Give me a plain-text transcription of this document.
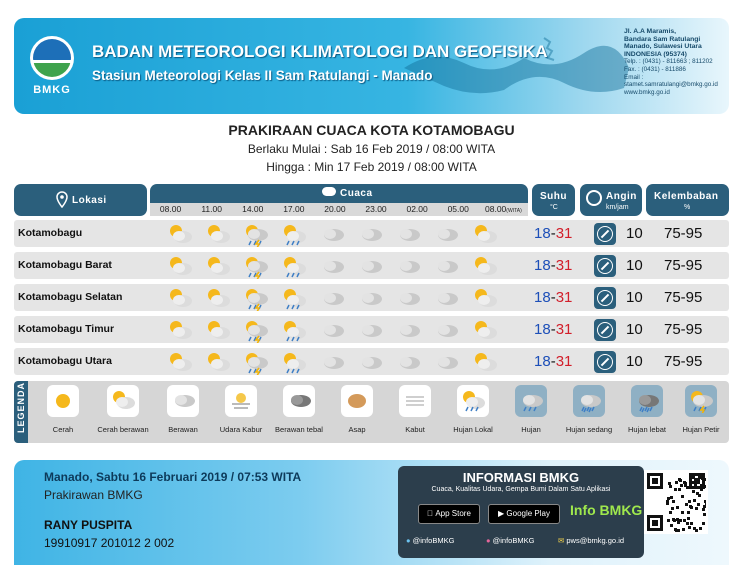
BMKG
BADAN METEOROLOGI KLIMATOLOGI DAN GEOFISIKA
Stasiun Meteorologi Kelas II Sam Ratulangi - Manado
Jl. A.A Maramis,
Bandara Sam Ratulangi
Manado, Sulawesi Utara
INDONESIA (95374)
Telp. : (0431) - 811663 ; 811202
Fax. : (0431) - 811886
Email :
stamet.samratulangi@bmkg.go.id
www.bmkg.go.id
PRAKIRAAN CUACA KOTA KOTAMOBAGU
Berlaku Mulai : Sab 16 Feb 2019 / 08:00 WITA
Hingga : Min 17 Feb 2019 / 08:00 WITA
Lokasi
Cuaca
08.00	11.00	14.00	17.00	20.00	23.00	02.00	05.00	08.00(WITA)
Suhu
°C
Angin
km/jam
Kelembaban
%
Kotamobagu	18-31	10 75-95
Kotamobagu Barat	18-31	10 75-95
Kotamobagu Selatan	18-31	10 75-95
Kotamobagu Timur	18-31	10 75-95
Kotamobagu Utara	18-31	10 75-95
LEGENDA	Cerah	Cerah berawan	Berawan	Udara Kabur	Berawan tebal	Asap	Kabut	Hujan Lokal	Hujan	Hujan sedang	Hujan lebat	Hujan Petir
Manado, Sabtu 16 Februari 2019 / 07:53 WITA
Prakirawan BMKG
RANY PUSPITA
19910917 201012 2 002
INFORMASI BMKG
Cuaca, Kualitas Udara, Gempa Bumi Dalam Satu Aplikasi
App Store	▶ Google Play	Info BMKG
● @infoBMKG	● @infoBMKG	✉ pws@bmkg.go.id
